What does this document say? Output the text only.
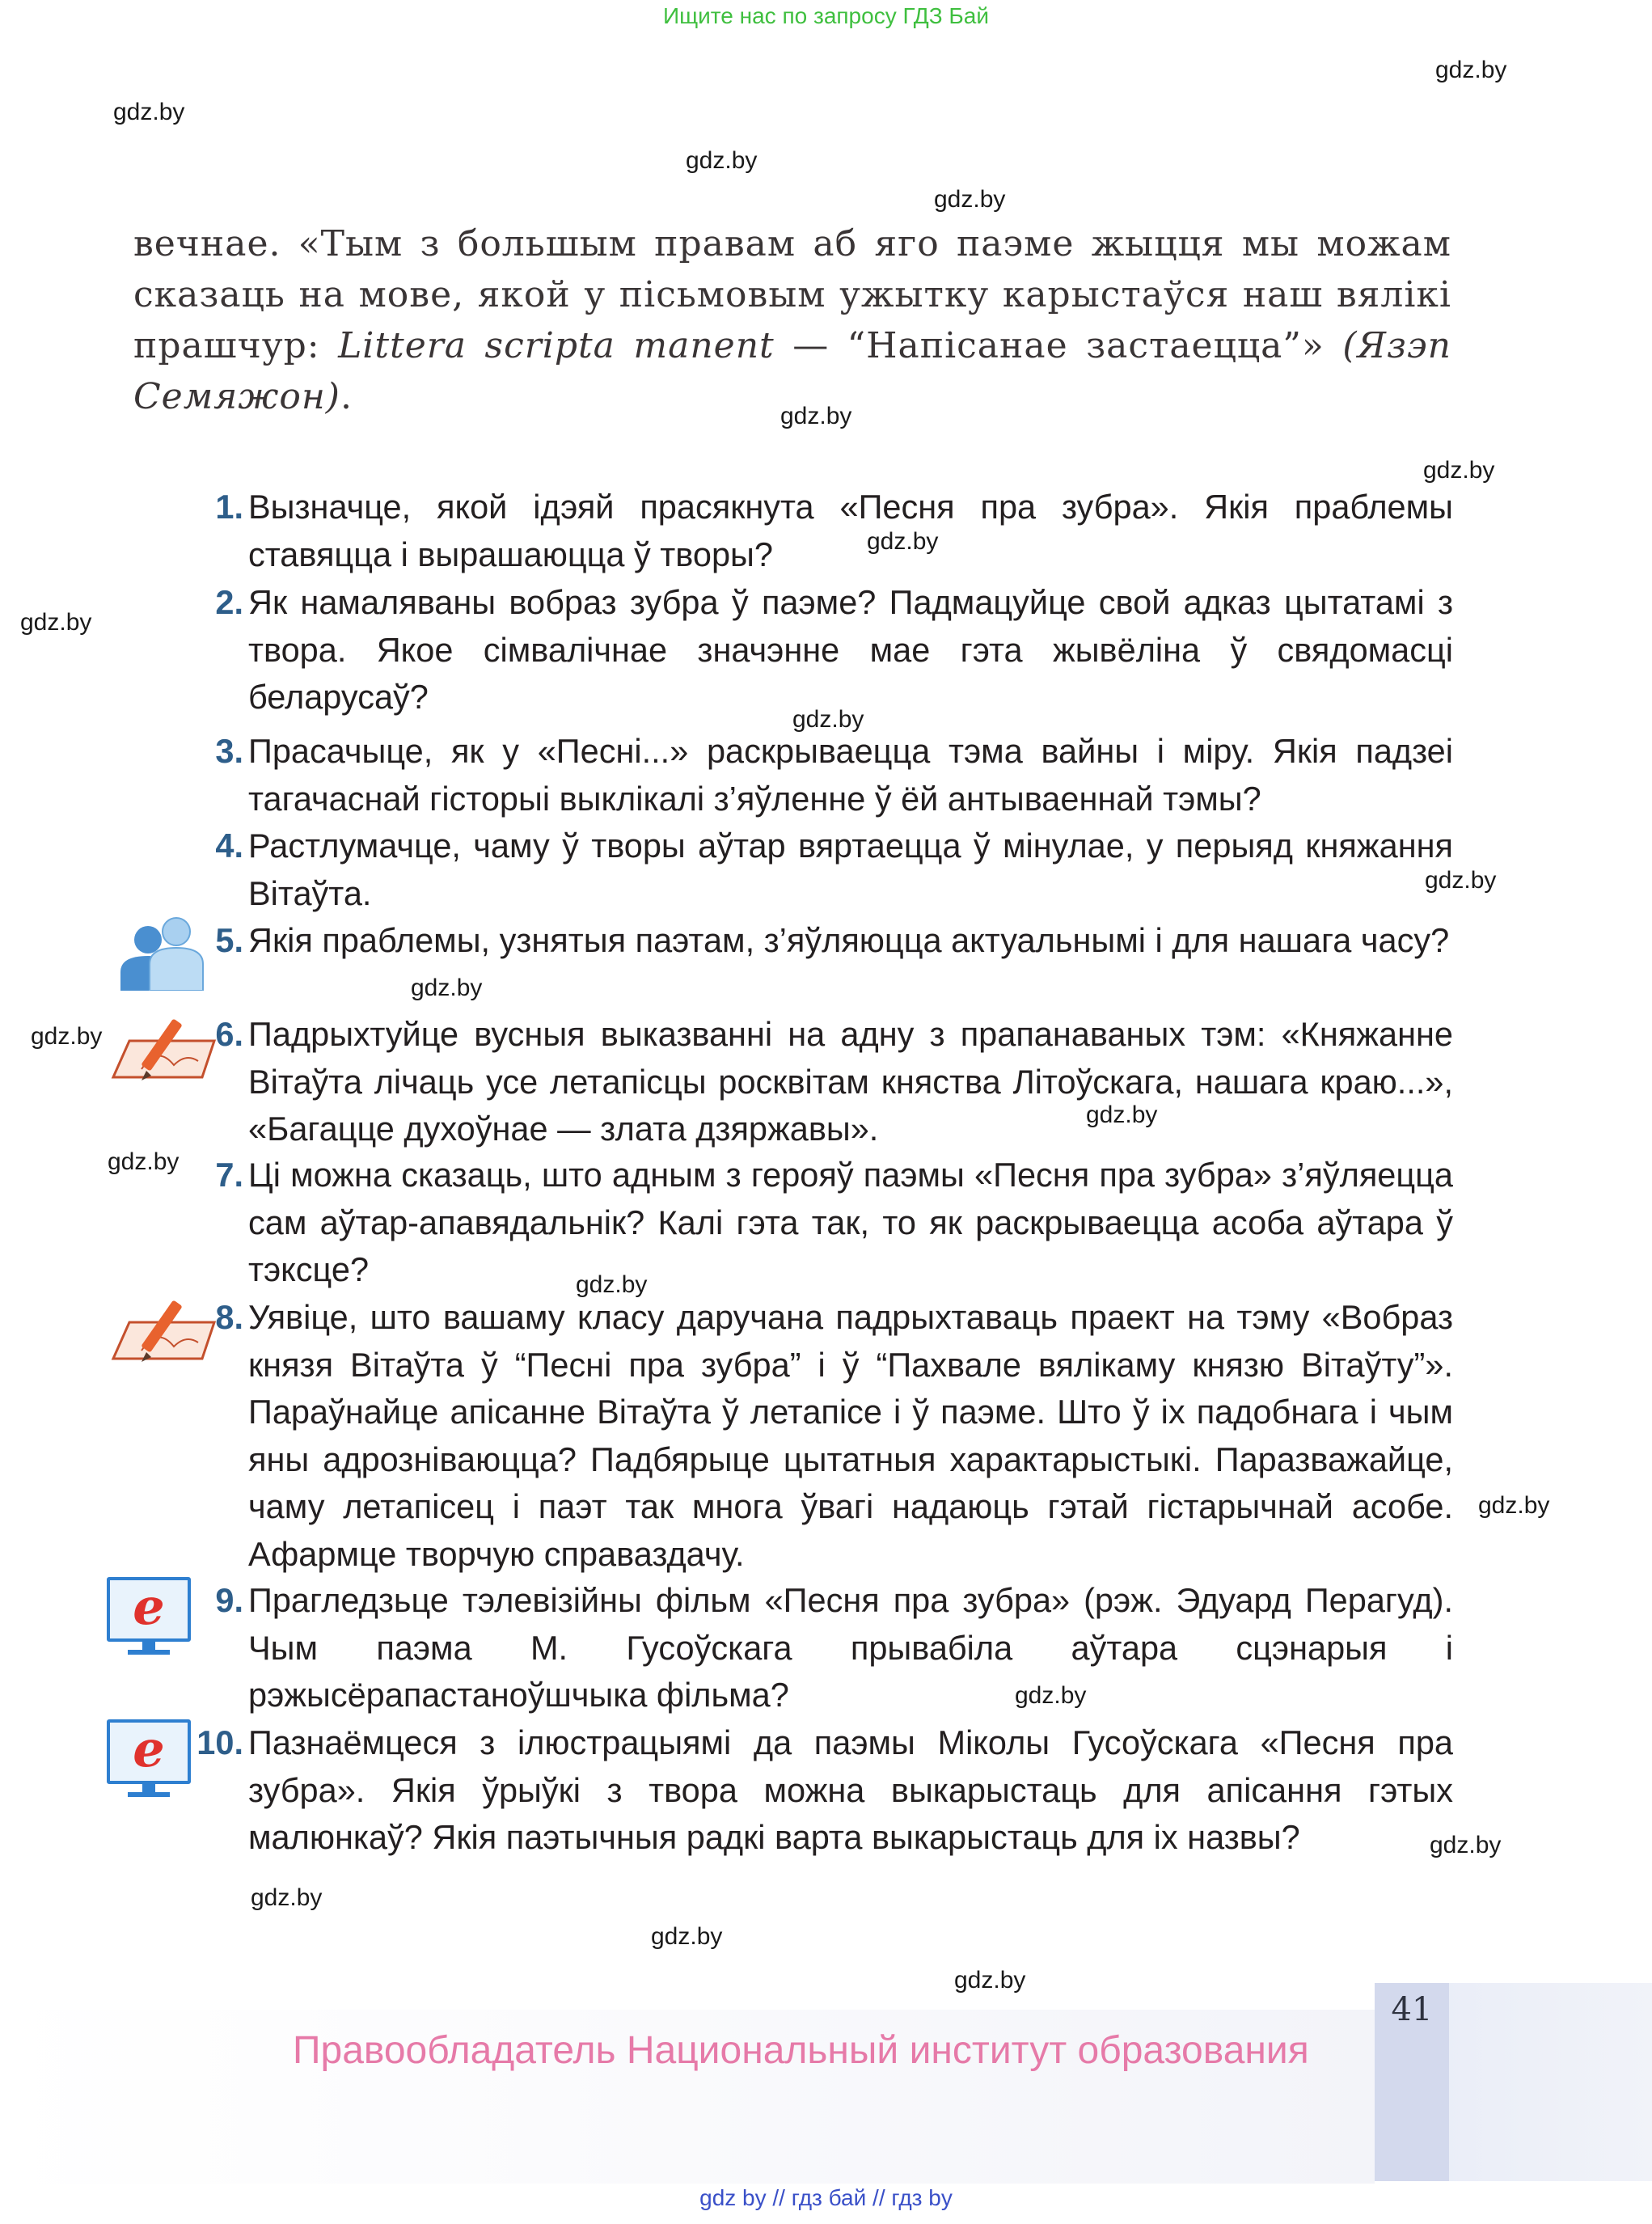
Ищите нас по запросу ГДЗ Бай
gdz.by
gdz.by
gdz.by
gdz.by
gdz.by
gdz.by
gdz.by
gdz.by
gdz.by
gdz.by
gdz.by
gdz.by
gdz.by
gdz.by
gdz.by
gdz.by
gdz.by
gdz.by
gdz.by
gdz.by
gdz.by

вечнае. «Тым з большым правам аб яго паэме жыцця мы можам сказаць на мове, якой у пісьмовым ужытку карыстаўся наш вялікі прашчур: Littera scripta manent — “Напісанае застаецца”» (Язэп Семяжон).

1. Вызначце, якой ідэяй прасякнута «Песня пра зубра». Якія праблемы ставяцца і вырашаюцца ў творы?
2. Як намаляваны вобраз зубра ў паэме? Падмацуйце свой адказ цытатамі з твора. Якое сімвалічнае значэнне мае гэта жывёліна ў свядомасці беларусаў?
3. Прасачыце, як у «Песні...» раскрываецца тэма вайны і міру. Якія падзеі тагачаснай гісторыі выклікалі з’яўленне ў ёй антываеннай тэмы?
4. Растлумачце, чаму ў творы аўтар вяртаецца ў мінулае, у перыяд княжання Вітаўта.
5. Якія праблемы, узнятыя паэтам, з’яўляюцца актуальнымі і для нашага часу?
6. Падрыхтуйце вусныя выказванні на адну з прапанаваных тэм: «Княжанне Вітаўта лічаць усе летапісцы росквітам княства Літоўскага, нашага краю...», «Багацце духоўнае — злата дзяржавы».
7. Ці можна сказаць, што адным з герояў паэмы «Песня пра зубра» з’яўляецца сам аўтар-апавядальнік? Калі гэта так, то як раскрываецца асоба аўтара ў тэксце?
8. Уявіце, што вашаму класу даручана падрыхтаваць праект на тэму «Вобраз князя Вітаўта ў “Песні пра зубра” і ў “Пахвале вялікаму князю Вітаўту”». Параўнайце апісанне Вітаўта ў летапісе і ў паэме. Што ў іх падобнага і чым яны адрозніваюцца? Падбярыце цытатныя характарыстыкі. Паразважайце, чаму летапісец і паэт так многа ўвагі надаюць гэтай гістарычнай асобе. Афармце творчую справаздачу.
9. Прагледзьце тэлевізійны фільм «Песня пра зубра» (рэж. Эдуард Перагуд). Чым паэма М. Гусоўскага прывабіла аўтара сцэнарыя і рэжысёрапастаноўшчыка фільма?
10. Пазнаёмцеся з ілюстрацыямі да паэмы Міколы Гусоўскага «Песня пра зубра». Якія ўрыўкі з твора можна выкарыстаць для апісання гэтых малюнкаў? Якія паэтычныя радкі варта выкарыстаць для іх назвы?
e
e
41
Правообладатель Национальный институт образования
gdz by // гдз бай // гдз by
